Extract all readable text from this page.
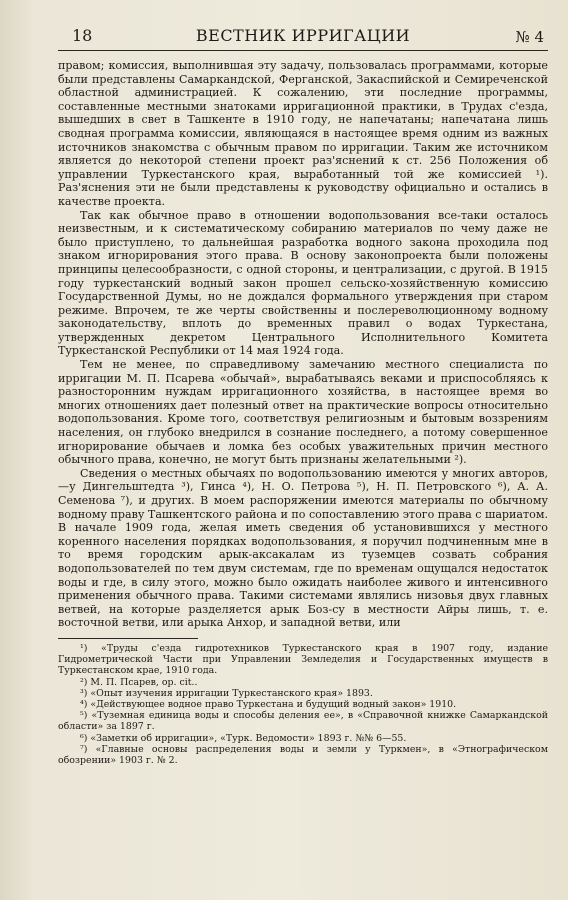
18	ВЕСТНИК ИРРИГАЦИИ	№ 4

правом; комиссия, выполнившая эту задачу, пользовалась программами, которые были представлены Самаркандской, Ферганской, Закаспийской и Семиреченской областной администрацией. К сожалению, эти последние программы, составленные местными знатоками ирригационной практики, в Трудах с'езда, вышедших в свет в Ташкенте в 1910 году, не напечатаны; напечатана лишь сводная программа комиссии, являющаяся в настоящее время одним из важных источников знакомства с обычным правом по ирригации. Таким же источником является до некоторой степени проект раз'яснений к ст. 256 Положения об управлении Туркестанского края, выработанный той же комиссией ¹). Раз'яснения эти не были представлены к руководству официально и остались в качестве проекта.

Так как обычное право в отношении водопользования все-таки осталось неизвестным, и к систематическому собиранию материалов по чему даже не было приступлено, то дальнейшая разработка водного закона проходила под знаком игнорирования этого права. В основу законопроекта были положены принципы целесообразности, с одной стороны, и централизации, с другой. В 1915 году туркестанский водный закон прошел сельско-хозяйственную комиссию Государственной Думы, но не дождался формального утверждения при старом режиме. Впрочем, те же черты свойственны и послереволюционному водному законодательству, вплоть до временных правил о водах Туркестана, утвержденных декретом Центрального Исполнительного Комитета Туркестанской Республики от 14 мая 1924 года.

Тем не менее, по справедливому замечанию местного специалиста по ирригации М. П. Псарева «обычай», вырабатываясь веками и приспособляясь к разносторонним нуждам ирригационного хозяйства, в настоящее время во многих отношениях дает полезный ответ на практические вопросы относительно водопользования. Кроме того, соответствуя религиозным и бытовым воззрениям населения, он глубоко внедрился в сознание последнего, а потому совершенное игнорирование обычаев и ломка без особых уважительных причин местного обычного права, конечно, не могут быть признаны желательными ²).

Сведения о местных обычаях по водопользованию имеются у многих авторов,—у Дингельштедта ³), Гинса ⁴), Н. О. Петрова ⁵), Н. П. Петровского ⁶), А. А. Семенова ⁷), и других. В моем распоряжении имеются материалы по обычному водному праву Ташкентского района и по сопоставлению этого права с шариатом. В начале 1909 года, желая иметь сведения об установившихся у местного коренного населения порядках водопользования, я поручил подчиненным мне в то время городским арык-аксакалам из туземцев созвать собрания водопользователей по тем двум системам, где по временам ощущался недостаток воды и где, в силу этого, можно было ожидать наиболее живого и интенсивного применения обычного права. Такими системами являлись низовья двух главных ветвей, на которые разделяется арык Боз-су в местности Айры лишь, т. е. восточной ветви, или арыка Анхор, и западной ветви, или

¹) «Труды с'езда гидротехников Туркестанского края в 1907 году, издание Гидрометрической Части при Управлении Земледелия и Государственных имуществ в Туркестанском крае, 1910 года.

²) М. П. Псарев, op. cit..

³) «Опыт изучения ирригации Туркестанского края» 1893.

⁴) «Действующее водное право Туркестана и будущий водный закон» 1910.

⁵) «Туземная единица воды и способы деления ее», в «Справочной книжке Самаркандской области» за 1897 г.

⁶) «Заметки об ирригации», «Турк. Ведомости» 1893 г. №№ 6—55.

⁷) «Главные основы распределения воды и земли у Туркмен», в «Этнографическом обозрении» 1903 г. № 2.
